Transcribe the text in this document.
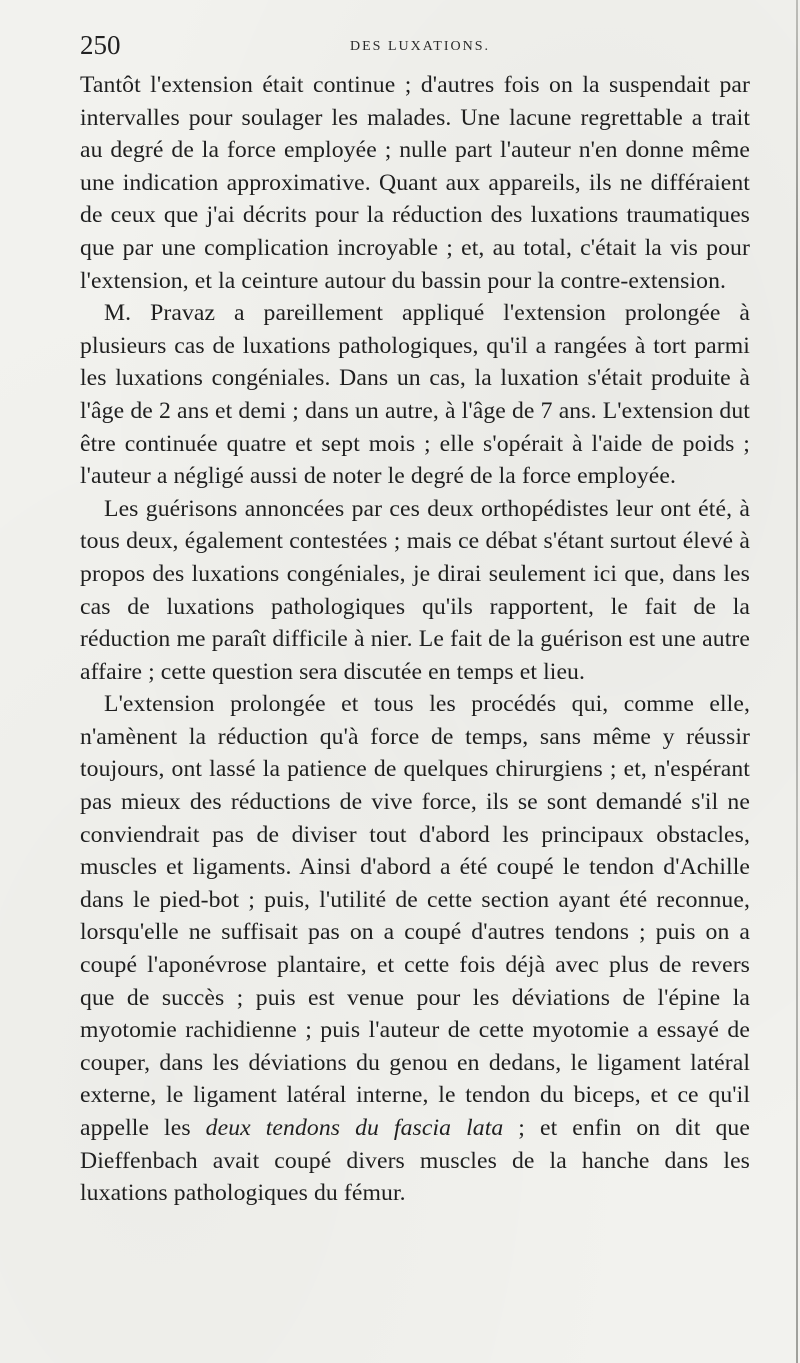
250	DES LUXATIONS.

Tantôt l'extension était continue ; d'autres fois on la suspendait par intervalles pour soulager les malades. Une lacune regrettable a trait au degré de la force employée ; nulle part l'auteur n'en donne même une indication approximative. Quant aux appareils, ils ne différaient de ceux que j'ai décrits pour la réduction des luxations traumatiques que par une complication incroyable ; et, au total, c'était la vis pour l'extension, et la ceinture autour du bassin pour la contre-extension.

M. Pravaz a pareillement appliqué l'extension prolongée à plusieurs cas de luxations pathologiques, qu'il a rangées à tort parmi les luxations congéniales. Dans un cas, la luxation s'était produite à l'âge de 2 ans et demi ; dans un autre, à l'âge de 7 ans. L'extension dut être continuée quatre et sept mois ; elle s'opérait à l'aide de poids ; l'auteur a négligé aussi de noter le degré de la force employée.

Les guérisons annoncées par ces deux orthopédistes leur ont été, à tous deux, également contestées ; mais ce débat s'étant surtout élevé à propos des luxations congéniales, je dirai seulement ici que, dans les cas de luxations pathologiques qu'ils rapportent, le fait de la réduction me paraît difficile à nier. Le fait de la guérison est une autre affaire ; cette question sera discutée en temps et lieu.

L'extension prolongée et tous les procédés qui, comme elle, n'amènent la réduction qu'à force de temps, sans même y réussir toujours, ont lassé la patience de quelques chirurgiens ; et, n'espérant pas mieux des réductions de vive force, ils se sont demandé s'il ne conviendrait pas de diviser tout d'abord les principaux obstacles, muscles et ligaments. Ainsi d'abord a été coupé le tendon d'Achille dans le pied-bot ; puis, l'utilité de cette section ayant été reconnue, lorsqu'elle ne suffisait pas on a coupé d'autres tendons ; puis on a coupé l'aponévrose plantaire, et cette fois déjà avec plus de revers que de succès ; puis est venue pour les déviations de l'épine la myotomie rachidienne ; puis l'auteur de cette myotomie a essayé de couper, dans les déviations du genou en dedans, le ligament latéral externe, le ligament latéral interne, le tendon du biceps, et ce qu'il appelle les deux tendons du fascia lata ; et enfin on dit que Dieffenbach avait coupé divers muscles de la hanche dans les luxations pathologiques du fémur.
